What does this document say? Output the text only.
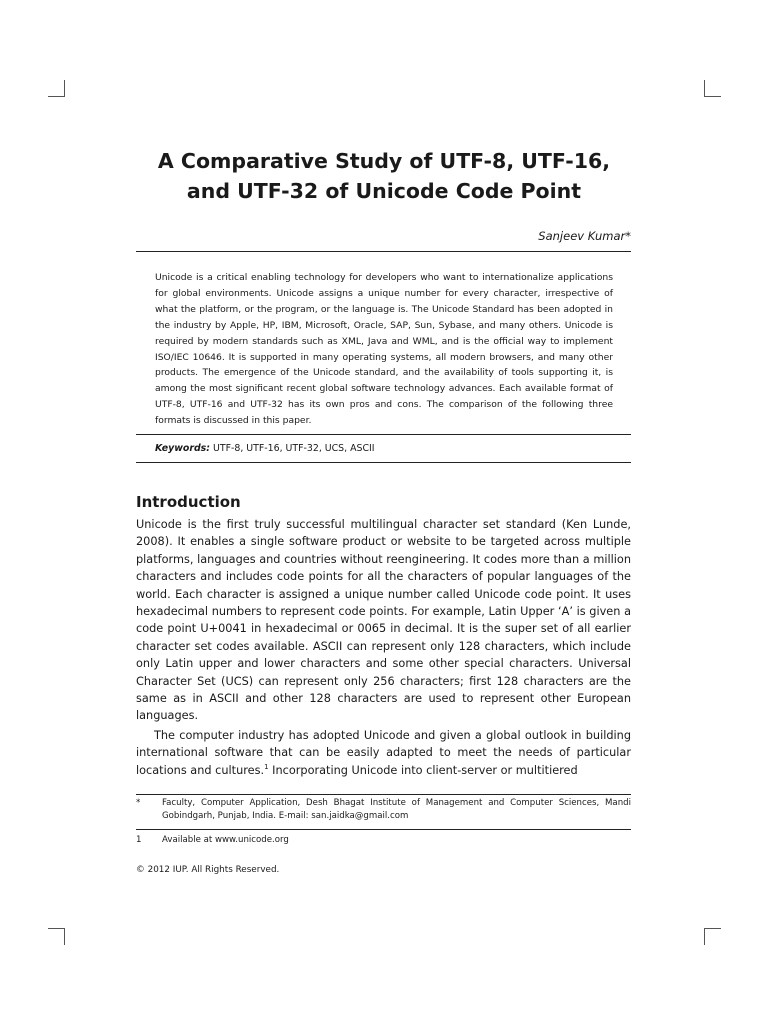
A Comparative Study of UTF-8, UTF-16,
and UTF-32 of Unicode Code Point
Sanjeev Kumar*

Unicode is a critical enabling technology for developers who want to internationalize applications for global environments. Unicode assigns a unique number for every character, irrespective of what the platform, or the program, or the language is. The Unicode Standard has been adopted in the industry by Apple, HP, IBM, Microsoft, Oracle, SAP, Sun, Sybase, and many others. Unicode is required by modern standards such as XML, Java and WML, and is the official way to implement ISO/IEC 10646. It is supported in many operating systems, all modern browsers, and many other products. The emergence of the Unicode standard, and the availability of tools supporting it, is among the most significant recent global software technology advances. Each available format of UTF-8, UTF-16 and UTF-32 has its own pros and cons. The comparison of the following three formats is discussed in this paper.

Keywords: UTF-8, UTF-16, UTF-32, UCS, ASCII
Introduction

Unicode is the first truly successful multilingual character set standard (Ken Lunde, 2008). It enables a single software product or website to be targeted across multiple platforms, languages and countries without reengineering. It codes more than a million characters and includes code points for all the characters of popular languages of the world. Each character is assigned a unique number called Unicode code point. It uses hexadecimal numbers to represent code points. For example, Latin Upper ‘A’ is given a code point U+0041 in hexadecimal or 0065 in decimal. It is the super set of all earlier character set codes available. ASCII can represent only 128 characters, which include only Latin upper and lower characters and some other special characters. Universal Character Set (UCS) can represent only 256 characters; first 128 characters are the same as in ASCII and other 128 characters are used to represent other European languages.

The computer industry has adopted Unicode and given a global outlook in building international software that can be easily adapted to meet the needs of particular locations and cultures.$^1$ Incorporating Unicode into client-server or multitiered

*	Faculty, Computer Application, Desh Bhagat Institute of Management and Computer Sciences, Mandi Gobindgarh, Punjab, India. E-mail: san.jaidka@gmail.com
1 Available at www.unicode.org
© 2012 IUP. All Rights Reserved.
